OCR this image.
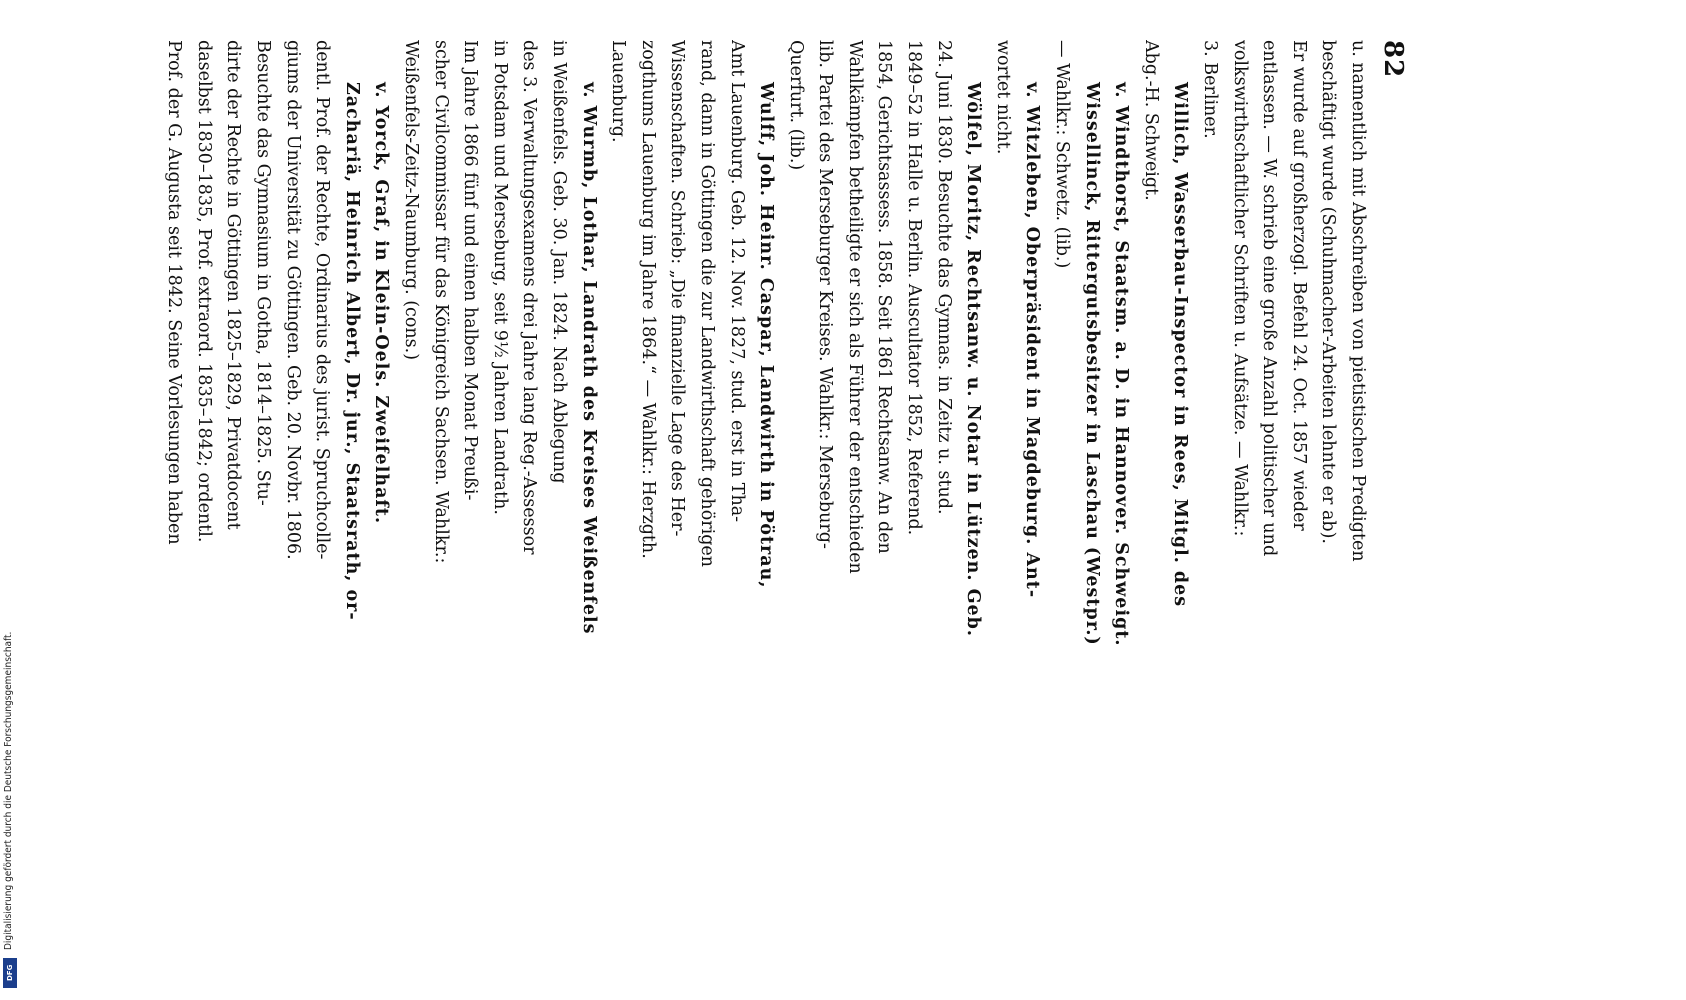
82
u. namentlich mit Abschreiben von pietistischen Predigten
beschäftigt wurde (Schuhmacher-Arbeiten lehnte er ab).
Er wurde auf großherzogl. Befehl 24. Oct. 1857 wieder
entlassen. — W. schrieb eine große Anzahl politischer und
volkswirthschaftlicher Schriften u. Aufsätze. — Wahlkr.:
3. Berliner.
Willich, Wasserbau-Inspector in Rees, Mitgl. des
Abg.-H. Schweigt.
v. Windthorst, Staatsm. a. D. in Hannover. Schweigt.
Wissellinck, Rittergutsbesitzer in Laschau (Westpr.)
— Wahlkr.: Schwetz. (lib.)
v. Witzleben, Oberpräsident in Magdeburg. Ant-
wortet nicht.
Wölfel, Moritz, Rechtsanw. u. Notar in Lützen. Geb.
24. Juni 1830. Besuchte das Gymnas. in Zeitz u. stud.
1849–52 in Halle u. Berlin. Auscultator 1852, Referend.
1854, Gerichtsassess. 1858. Seit 1861 Rechtsanw. An den
Wahlkämpfen betheiligte er sich als Führer der entschieden
lib. Partei des Merseburger Kreises. Wahlkr.: Merseburg-
Querfurt. (lib.)
Wulff, Joh. Heinr. Caspar, Landwirth in Pötrau,
Amt Lauenburg. Geb. 12. Nov. 1827, stud. erst in Tha-
rand, dann in Göttingen die zur Landwirthschaft gehörigen
Wissenschaften. Schrieb: „Die finanzielle Lage des Her-
zogthums Lauenburg im Jahre 1864.“ — Wahlkr.: Herzgth.
Lauenburg.
v. Wurmb, Lothar, Landrath des Kreises Weißenfels
in Weißenfels. Geb. 30. Jan. 1824. Nach Ablegung
des 3. Verwaltungsexamens drei Jahre lang Reg.-Assessor
in Potsdam und Merseburg, seit 9½ Jahren Landrath.
Im Jahre 1866 fünf und einen halben Monat Preußi-
scher Civilcommissar für das Königreich Sachsen. Wahlkr.:
Weißenfels-Zeitz-Naumburg. (cons.)
v. Yorck, Graf, in Klein-Oels. Zweifelhaft.
Zachariä, Heinrich Albert, Dr. jur., Staatsrath, or-
dentl. Prof. der Rechte, Ordinarius des jurist. Spruchcolle-
giums der Universität zu Göttingen. Geb. 20. Novbr. 1806.
Besuchte das Gymnasium in Gotha, 1814–1825. Stu-
dirte der Rechte in Göttingen 1825–1829, Privatdocent
daselbst 1830–1835, Prof. extraord. 1835–1842; ordentl.
Prof. der G. Augusta seit 1842. Seine Vorlesungen haben
Digitalisierung gefördert durch die Deutsche Forschungsgemeinschaft.
DFG
